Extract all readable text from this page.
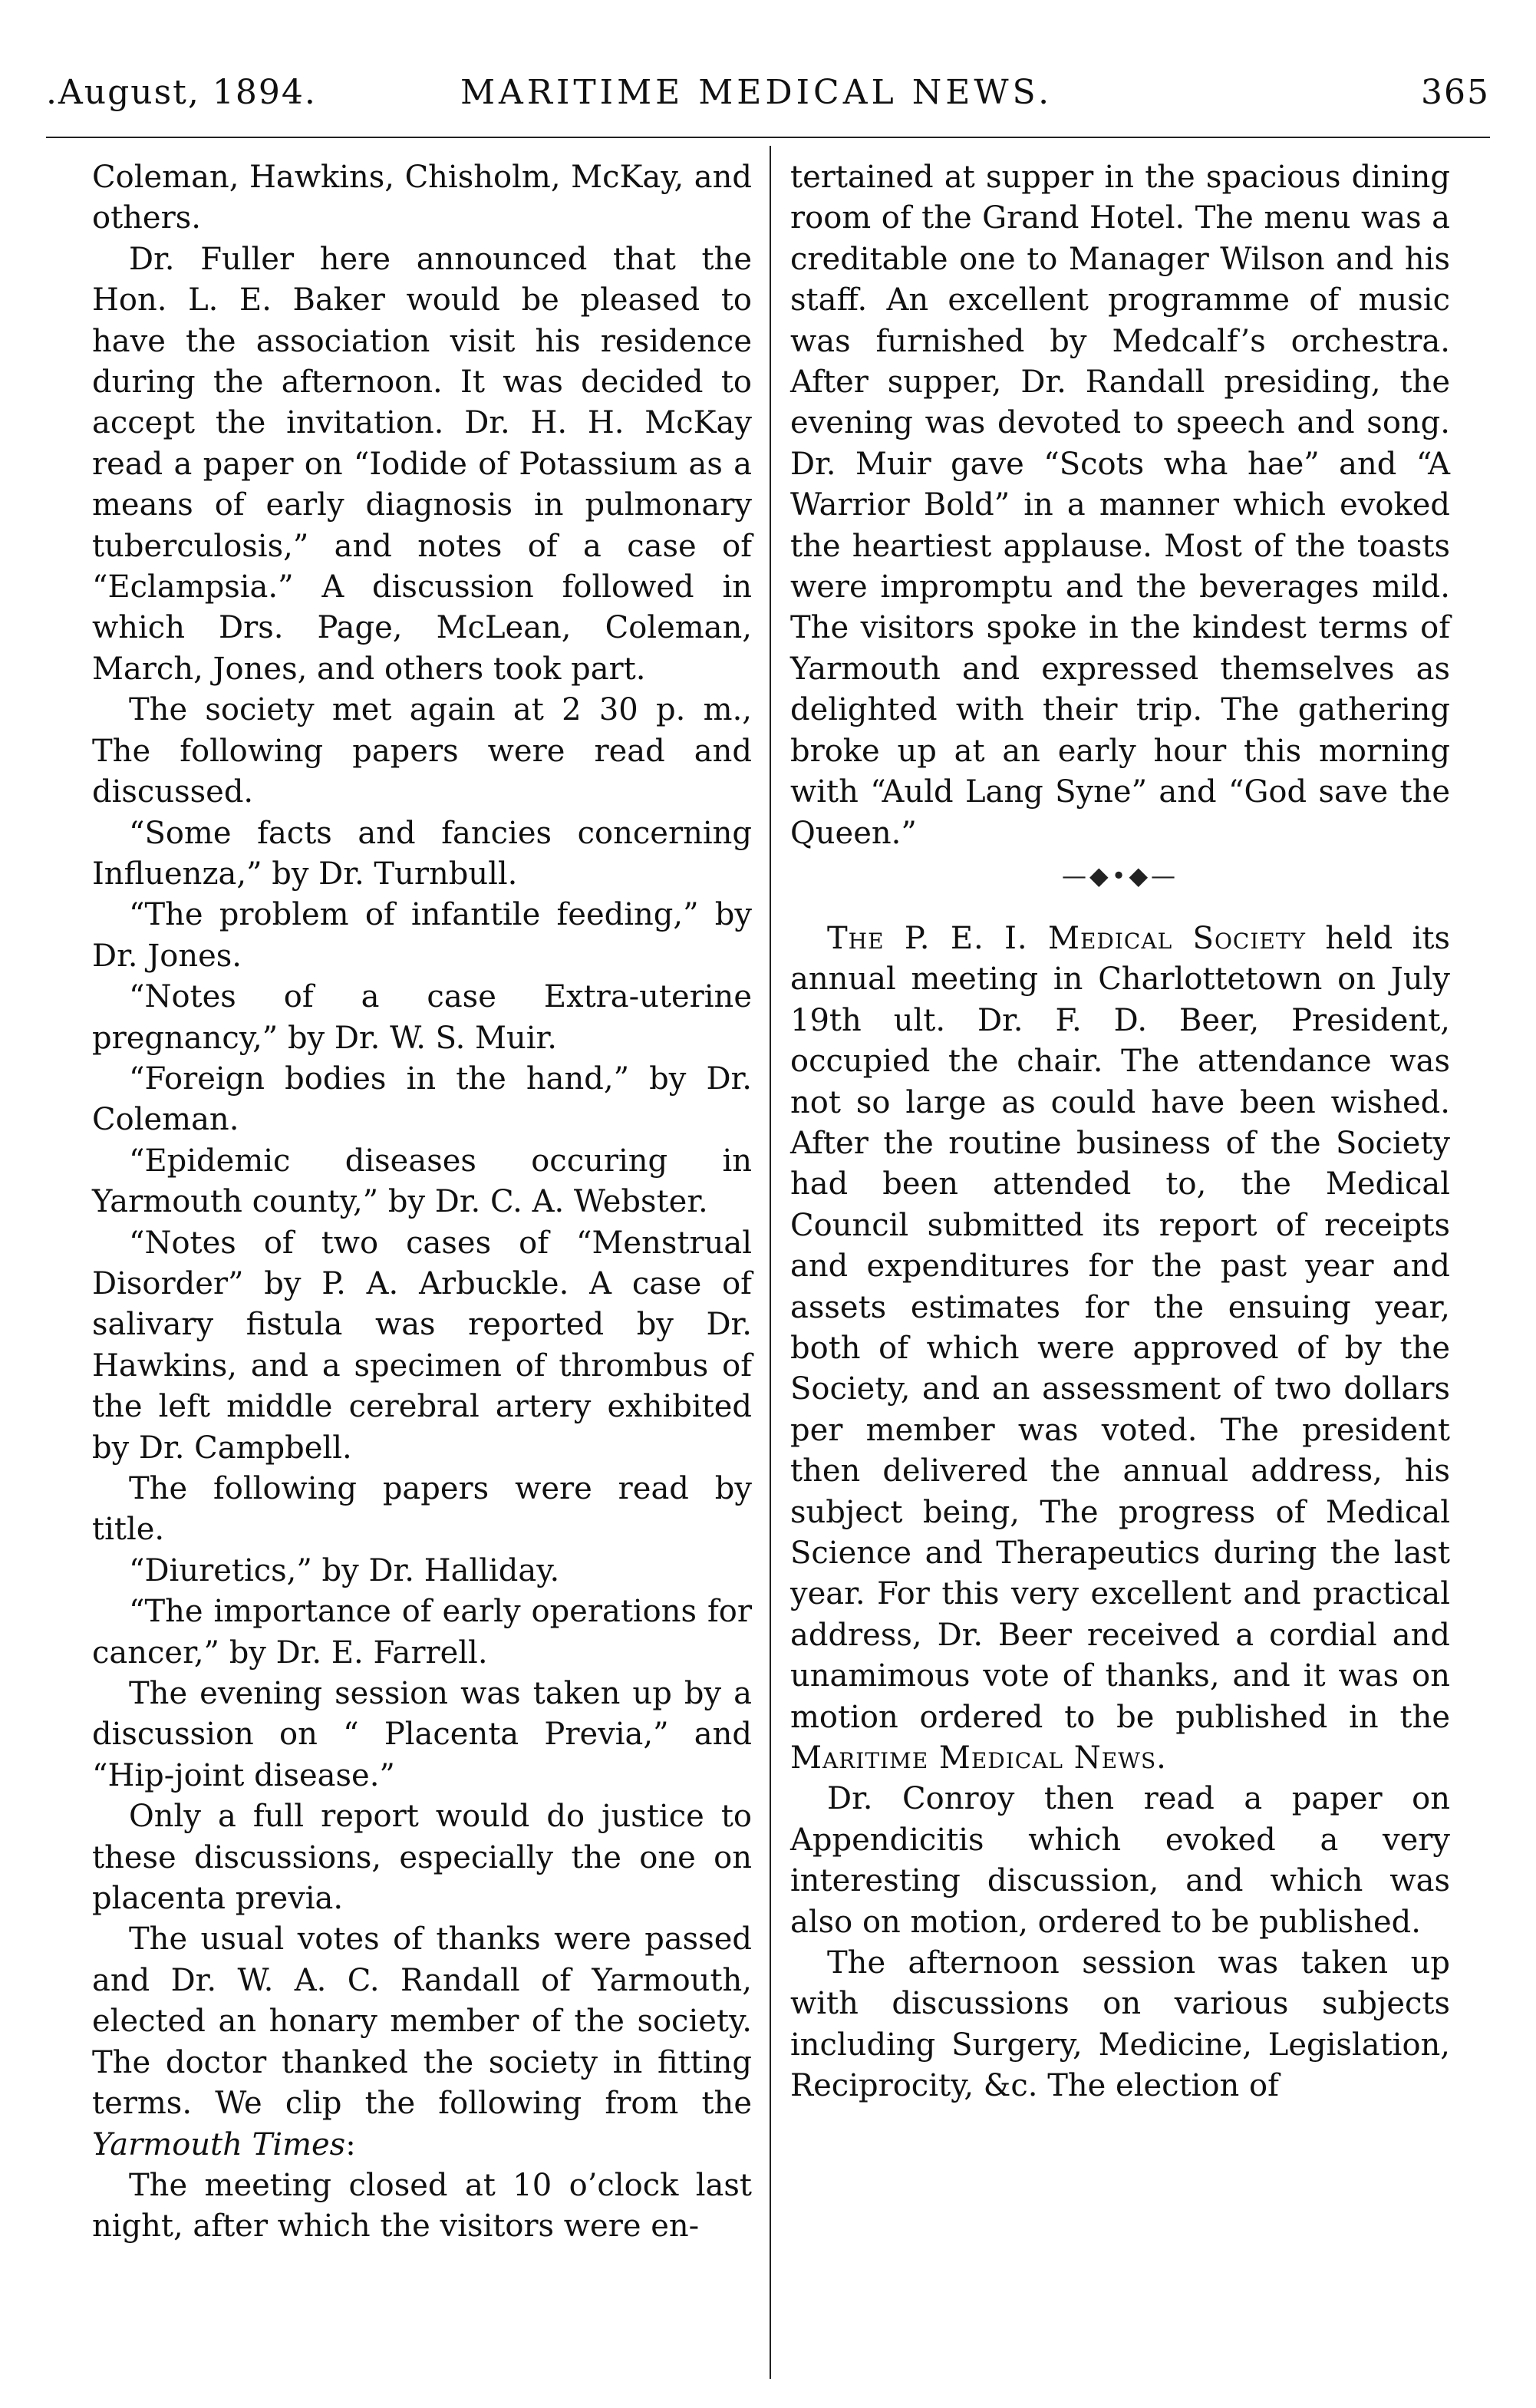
.August, 1894.	MARITIME MEDICAL NEWS.	365

Coleman, Hawkins, Chisholm, McKay, and others.

Dr. Fuller here announced that the Hon. L. E. Baker would be pleased to have the association visit his residence during the afternoon. It was decided to accept the invitation. Dr. H. H. McKay read a paper on “Iodide of Potassium as a means of early diagnosis in pulmonary tuberculosis,” and notes of a case of “Eclampsia.” A discussion followed in which Drs. Page, McLean, Coleman, March, Jones, and others took part.

The society met again at 2 30 p. m., The following papers were read and discussed.

“Some facts and fancies concerning Influenza,” by Dr. Turnbull.

“The problem of infantile feeding,” by Dr. Jones.

“Notes of a case Extra-uterine pregnancy,” by Dr. W. S. Muir.

“Foreign bodies in the hand,” by Dr. Coleman.

“Epidemic diseases occuring in Yarmouth county,” by Dr. C. A. Webster.

“Notes of two cases of “Menstrual Disorder” by P. A. Arbuckle. A case of salivary fistula was reported by Dr. Hawkins, and a specimen of thrombus of the left middle cerebral artery exhibited by Dr. Campbell.

The following papers were read by title.

“Diuretics,” by Dr. Halliday.

“The importance of early operations for cancer,” by Dr. E. Farrell.

The evening session was taken up by a discussion on “ Placenta Previa,” and “Hip-joint disease.”

Only a full report would do justice to these discussions, especially the one on placenta previa.

The usual votes of thanks were passed and Dr. W. A. C. Randall of Yarmouth, elected an honary member of the society. The doctor thanked the society in fitting terms. We clip the following from the Yarmouth Times:

The meeting closed at 10 o’clock last night, after which the visitors were en-

tertained at supper in the spacious dining room of the Grand Hotel. The menu was a creditable one to Manager Wilson and his staff. An excellent programme of music was furnished by Medcalf’s orchestra. After supper, Dr. Randall presiding, the evening was devoted to speech and song. Dr. Muir gave “Scots wha hae” and “A Warrior Bold” in a manner which evoked the heartiest applause. Most of the toasts were impromptu and the beverages mild. The visitors spoke in the kindest terms of Yarmouth and expressed themselves as delighted with their trip. The gathering broke up at an early hour this morning with “Auld Lang Syne” and “God save the Queen.”

—◆•◆—

The P. E. I. Medical Society held its annual meeting in Charlottetown on July 19th ult. Dr. F. D. Beer, President, occupied the chair. The attendance was not so large as could have been wished. After the routine business of the Society had been attended to, the Medical Council submitted its report of receipts and expenditures for the past year and assets estimates for the ensuing year, both of which were approved of by the Society, and an assessment of two dollars per member was voted. The president then delivered the annual address, his subject being, The progress of Medical Science and Therapeutics during the last year. For this very excellent and practical address, Dr. Beer received a cordial and unamimous vote of thanks, and it was on motion ordered to be published in the Maritime Medical News.

Dr. Conroy then read a paper on Appendicitis which evoked a very interesting discussion, and which was also on motion, ordered to be published.

The afternoon session was taken up with discussions on various subjects including Surgery, Medicine, Legislation, Reciprocity, &c. The election of
